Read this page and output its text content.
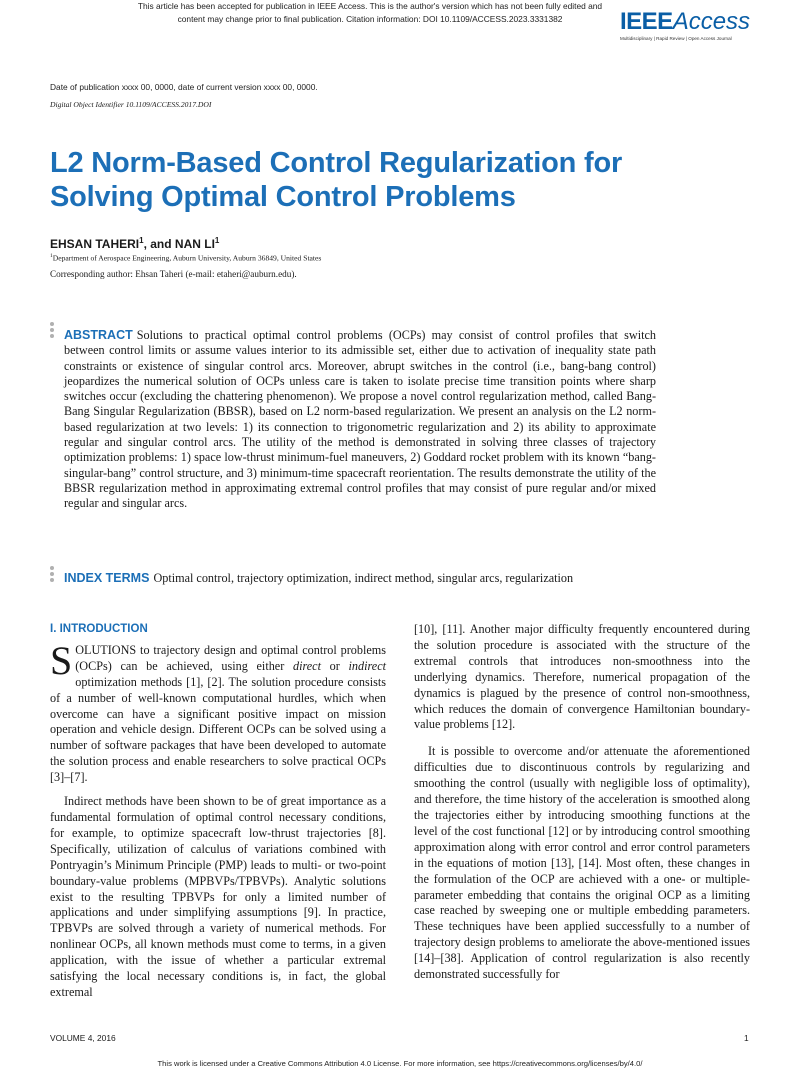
This article has been accepted for publication in IEEE Access. This is the author's version which has not been fully edited and
content may change prior to final publication. Citation information: DOI 10.1109/ACCESS.2023.3331382	IEEEAccess
Multidisciplinary | Rapid Review | Open Access Journal
Date of publication xxxx 00, 0000, date of current version xxxx 00, 0000.
Digital Object Identifier 10.1109/ACCESS.2017.DOI
L2 Norm-Based Control Regularization for Solving Optimal Control Problems
EHSAN TAHERI$^1$, and NAN $LI^1$
$^1$Department of Aerospace Engineering, Auburn University, Auburn 36849, United States
Corresponding author: Ehsan Taheri (e-mail: etaheri@auburn.edu).
ABSTRACT Solutions to practical optimal control problems (OCPs) may consist of control profiles that switch between control limits or assume values interior to its admissible set, either due to activation of inequality state path constraints or existence of singular control arcs. Moreover, abrupt switches in the control (i.e., bang-bang control) jeopardizes the numerical solution of OCPs unless care is taken to isolate precise time transition points where sharp switches occur (excluding the chattering phenomenon). We propose a novel control regularization method, called Bang-Bang Singular Regularization (BBSR), based on L2 norm-based regularization. We present an analysis on the L2 norm-based regularization at two levels: 1) its connection to trigonometric regularization and 2) its ability to approximate regular and singular control arcs. The utility of the method is demonstrated in solving three classes of trajectory optimization problems: 1) space low-thrust minimum-fuel maneuvers, 2) Goddard rocket problem with its known “bang-singular-bang” control structure, and 3) minimum-time spacecraft reorientation. The results demonstrate the utility of the BBSR regularization method in approximating extremal control profiles that may consist of pure regular and/or mixed regular and singular arcs.
INDEX TERMS Optimal control, trajectory optimization, indirect method, singular arcs, regularization

I. INTRODUCTION

SOLUTIONS to trajectory design and optimal control problems (OCPs) can be achieved, using either direct or indirect optimization methods [1], [2]. The solution procedure consists of a number of well-known computational hurdles, which when overcome can have a significant positive impact on mission operation and vehicle design. Different OCPs can be solved using a number of software packages that have been developed to automate the solution process and enable researchers to solve practical OCPs [3]–[7].

Indirect methods have been shown to be of great importance as a fundamental formulation of optimal control necessary conditions, for example, to optimize spacecraft low-thrust trajectories [8]. Specifically, utilization of calculus of variations combined with Pontryagin’s Minimum Principle (PMP) leads to multi- or two-point boundary-value problems (MPBVPs/TPBVPs). Analytic solutions exist to the resulting TPBVPs for only a limited number of applications and under simplifying assumptions [9]. In practice, TPBVPs are solved through a variety of numerical methods. For nonlinear OCPs, all known methods must come to terms, in a given application, with the issue of whether a particular extremal satisfying the local necessary conditions is, in fact, the global extremal

[10], [11]. Another major difficulty frequently encountered during the solution procedure is associated with the structure of the extremal controls that introduces non-smoothness into the underlying dynamics. Therefore, numerical propagation of the dynamics is plagued by the presence of control non-smoothness, which reduces the domain of convergence Hamiltonian boundary-value problems [12].

It is possible to overcome and/or attenuate the aforementioned difficulties due to discontinuous controls by regularizing and smoothing the control (usually with negligible loss of optimality), and therefore, the time history of the acceleration is smoothed along the trajectories either by introducing smoothing functions at the level of the cost functional [12] or by introducing control smoothing approximation along with error control and error control parameters in the equations of motion [13], [14]. Most often, these changes in the formulation of the OCP are achieved with a one- or multiple-parameter embedding that contains the original OCP as a limiting case reached by sweeping one or multiple embedding parameters. These techniques have been applied successfully to a number of trajectory design problems to ameliorate the above-mentioned issues [14]–[38]. Application of control regularization is also recently demonstrated successfully for

VOLUME 4, 2016	1
This work is licensed under a Creative Commons Attribution 4.0 License. For more information, see https://creativecommons.org/licenses/by/4.0/
